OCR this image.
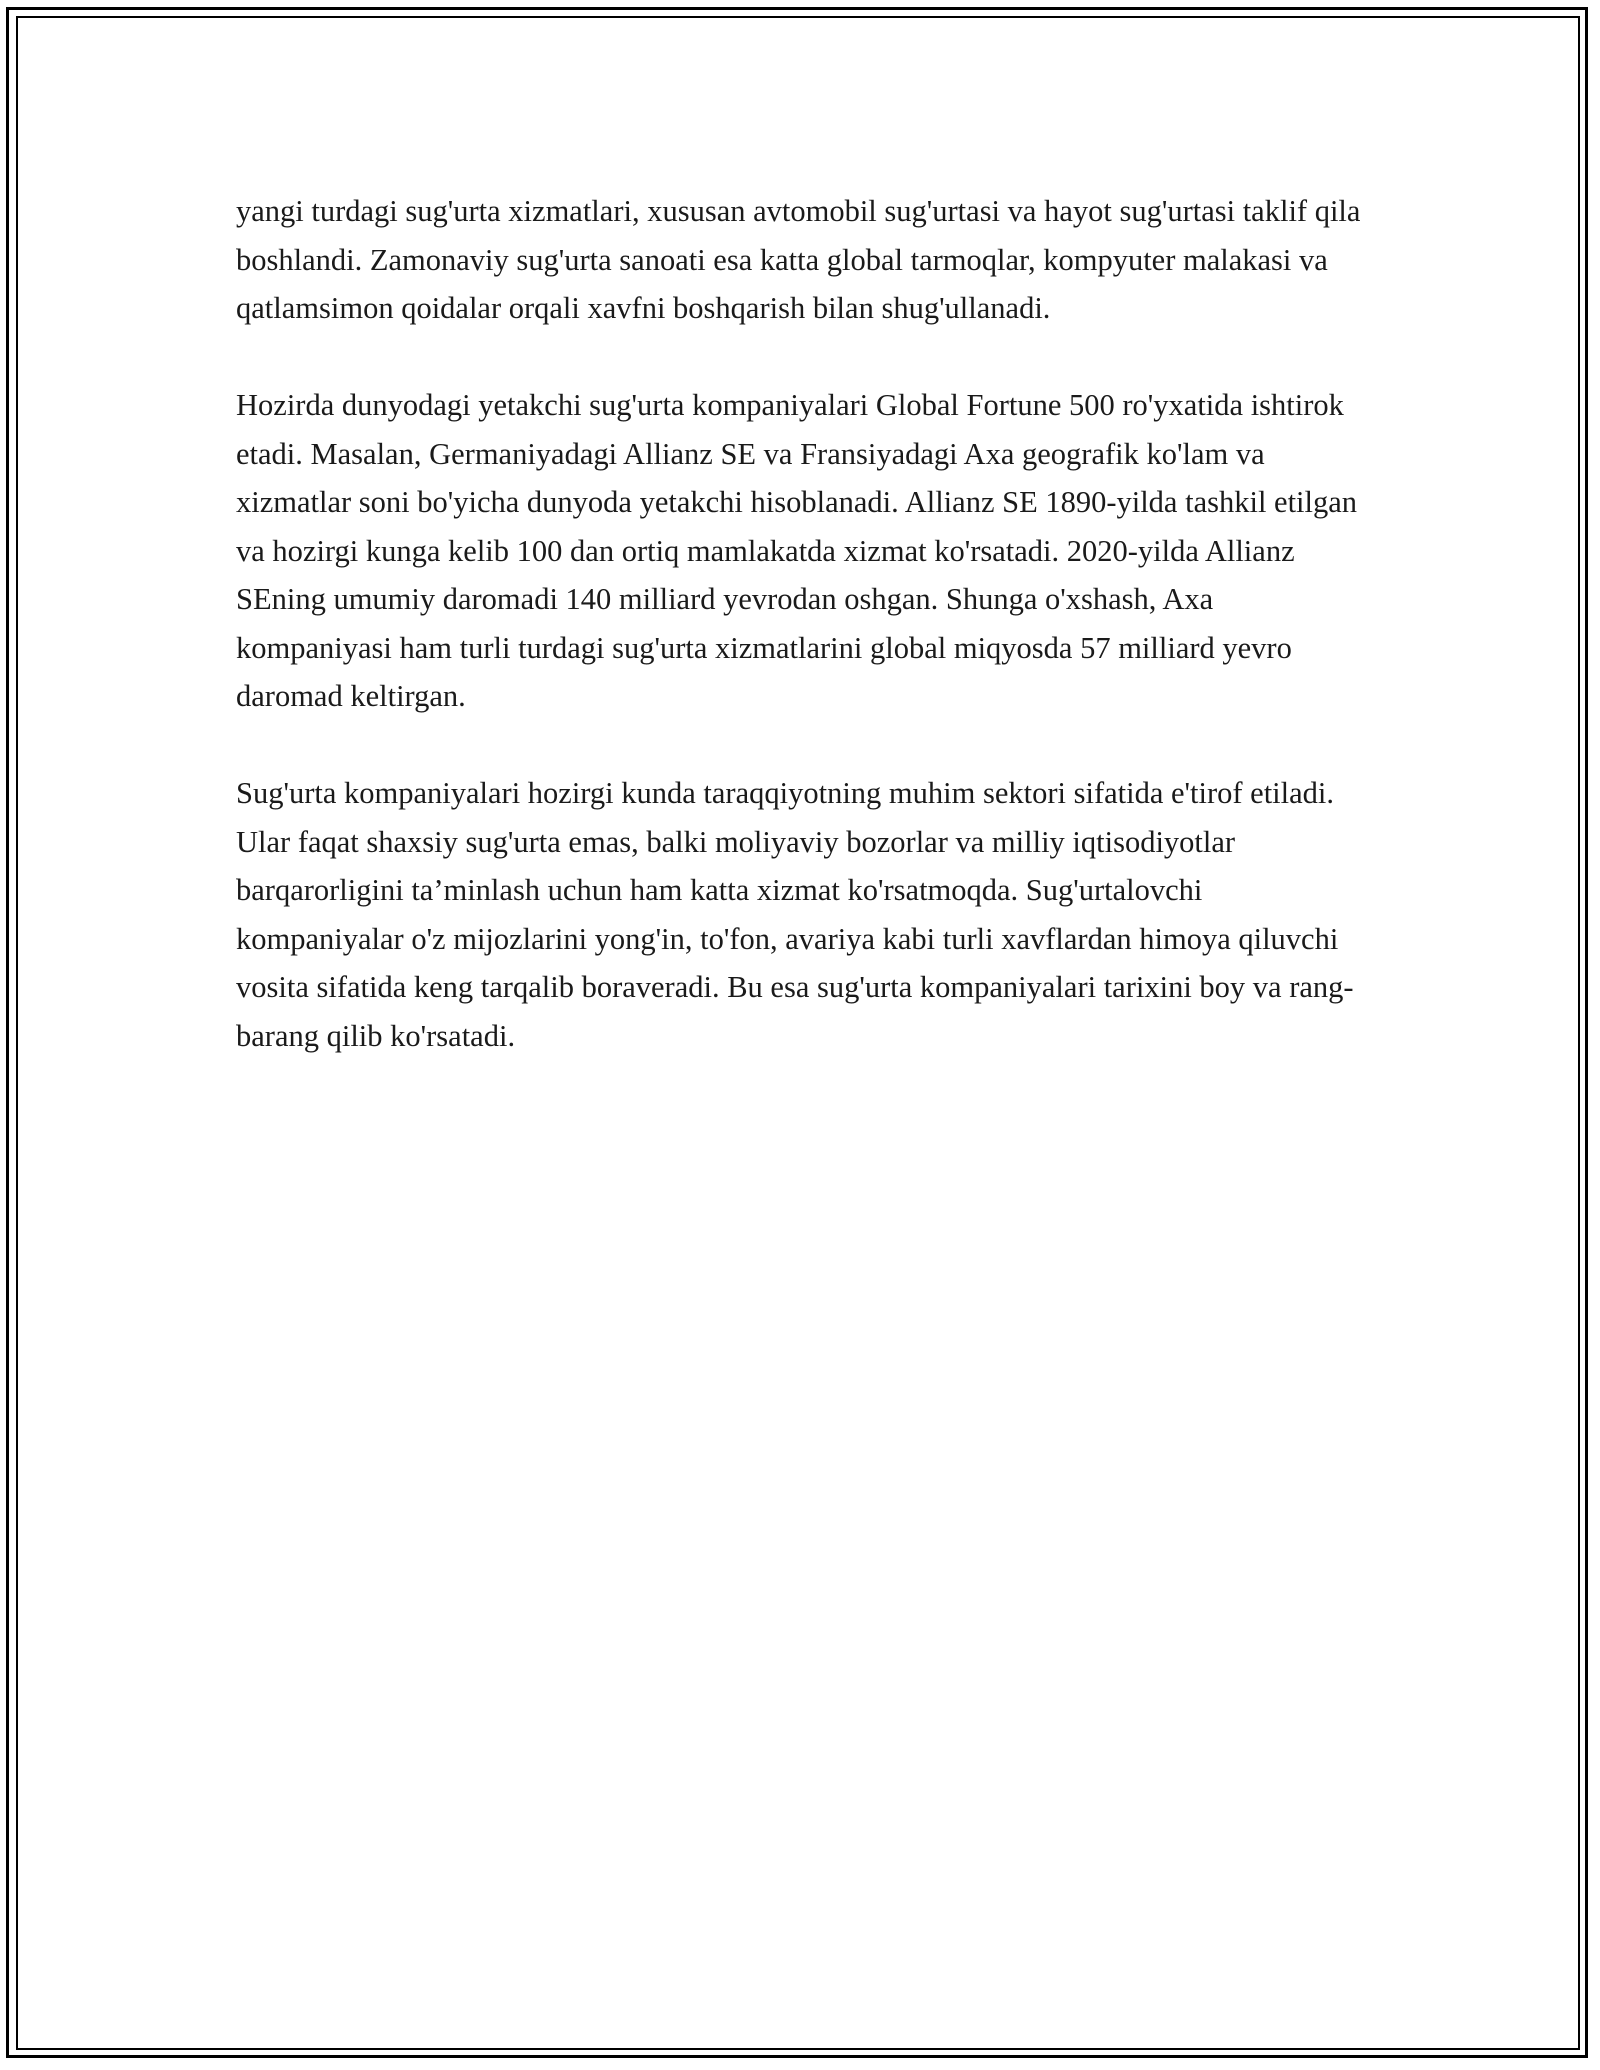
yangi turdagi sug'urta xizmatlari, xususan avtomobil sug'urtasi va hayot sug'urtasi taklif qila boshlandi. Zamonaviy sug'urta sanoati esa katta global tarmoqlar, kompyuter malakasi va qatlamsimon qoidalar orqali xavfni boshqarish bilan shug'ullanadi.

Hozirda dunyodagi yetakchi sug'urta kompaniyalari Global Fortune 500 ro'yxatida ishtirok etadi. Masalan, Germaniyadagi Allianz SE va Fransiyadagi Axa geografik ko'lam va xizmatlar soni bo'yicha dunyoda yetakchi hisoblanadi. Allianz SE 1890-yilda tashkil etilgan va hozirgi kunga kelib 100 dan ortiq mamlakatda xizmat ko'rsatadi. 2020-yilda Allianz SEning umumiy daromadi 140 milliard yevrodan oshgan. Shunga o'xshash, Axa kompaniyasi ham turli turdagi sug'urta xizmatlarini global miqyosda 57 milliard yevro daromad keltirgan.

Sug'urta kompaniyalari hozirgi kunda taraqqiyotning muhim sektori sifatida e'tirof etiladi. Ular faqat shaxsiy sug'urta emas, balki moliyaviy bozorlar va milliy iqtisodiyotlar barqarorligini ta’minlash uchun ham katta xizmat ko'rsatmoqda. Sug'urtalovchi kompaniyalar o'z mijozlarini yong'in, to'fon, avariya kabi turli xavflardan himoya qiluvchi vosita sifatida keng tarqalib boraveradi. Bu esa sug'urta kompaniyalari tarixini boy va rang-barang qilib ko'rsatadi.
